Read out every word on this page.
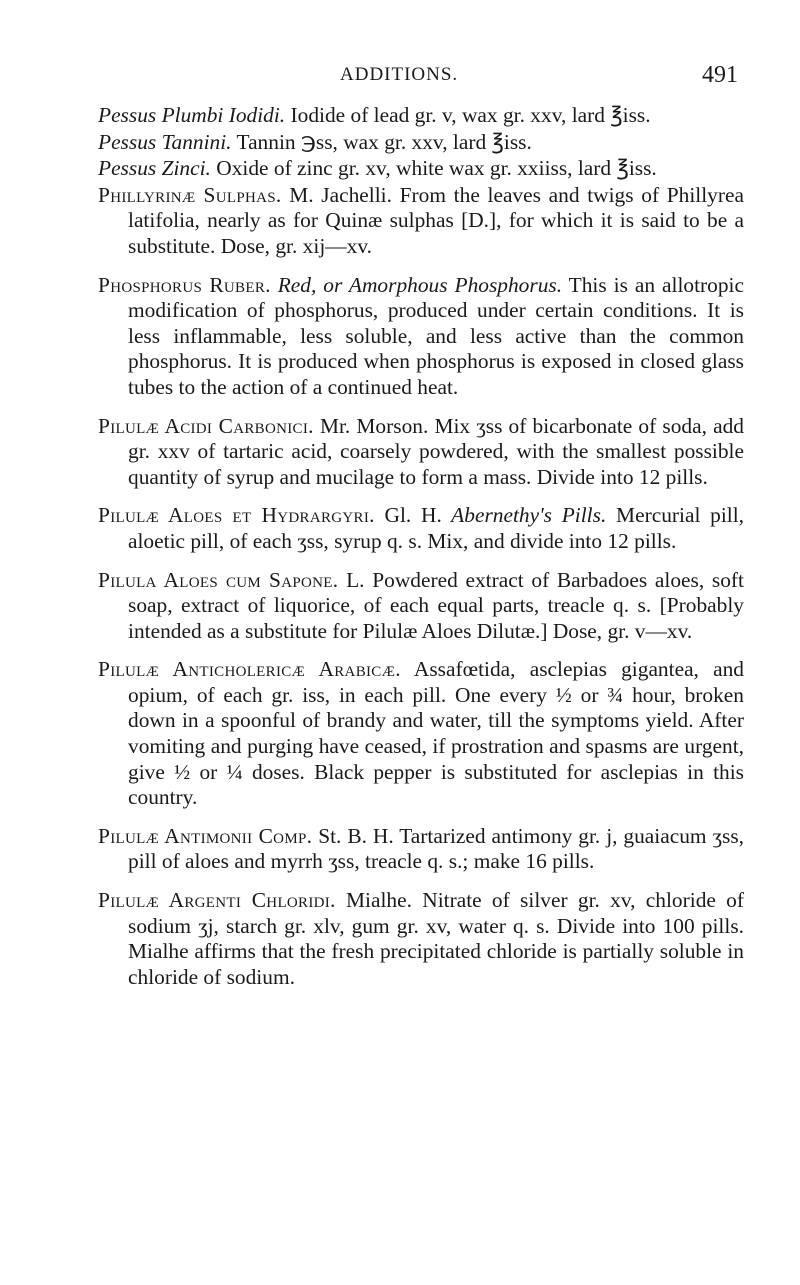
ADDITIONS.	491

Pessus Plumbi Iodidi. Iodide of lead gr. v, wax gr. xxv, lard ℥iss.

Pessus Tannini. Tannin ℈ss, wax gr. xxv, lard ℥iss.

Pessus Zinci. Oxide of zinc gr. xv, white wax gr. xxiiss, lard ℥iss.

Phillyrinæ Sulphas. M. Jachelli. From the leaves and twigs of Phillyrea latifolia, nearly as for Quinæ sulphas [D.], for which it is said to be a substitute. Dose, gr. xij—xv.

Phosphorus Ruber. Red, or Amorphous Phosphorus. This is an allotropic modification of phosphorus, produced under certain conditions. It is less inflammable, less soluble, and less active than the common phosphorus. It is produced when phosphorus is exposed in closed glass tubes to the action of a continued heat.

Pilulæ Acidi Carbonici. Mr. Morson. Mix ʒss of bicarbonate of soda, add gr. xxv of tartaric acid, coarsely powdered, with the smallest possible quantity of syrup and mucilage to form a mass. Divide into 12 pills.

Pilulæ Aloes et Hydrargyri. Gl. H. Abernethy's Pills. Mercurial pill, aloetic pill, of each ʒss, syrup q. s. Mix, and divide into 12 pills.

Pilula Aloes cum Sapone. L. Powdered extract of Barbadoes aloes, soft soap, extract of liquorice, of each equal parts, treacle q. s. [Probably intended as a substitute for Pilulæ Aloes Dilutæ.] Dose, gr. v—xv.

Pilulæ Anticholericæ Arabicæ. Assafœtida, asclepias gigantea, and opium, of each gr. iss, in each pill. One every ½ or ¾ hour, broken down in a spoonful of brandy and water, till the symptoms yield. After vomiting and purging have ceased, if prostration and spasms are urgent, give ½ or ¼ doses. Black pepper is substituted for asclepias in this country.

Pilulæ Antimonii Comp. St. B. H. Tartarized antimony gr. j, guaiacum ʒss, pill of aloes and myrrh ʒss, treacle q. s.; make 16 pills.

Pilulæ Argenti Chloridi. Mialhe. Nitrate of silver gr. xv, chloride of sodium ʒj, starch gr. xlv, gum gr. xv, water q. s. Divide into 100 pills. Mialhe affirms that the fresh precipitated chloride is partially soluble in chloride of sodium.
